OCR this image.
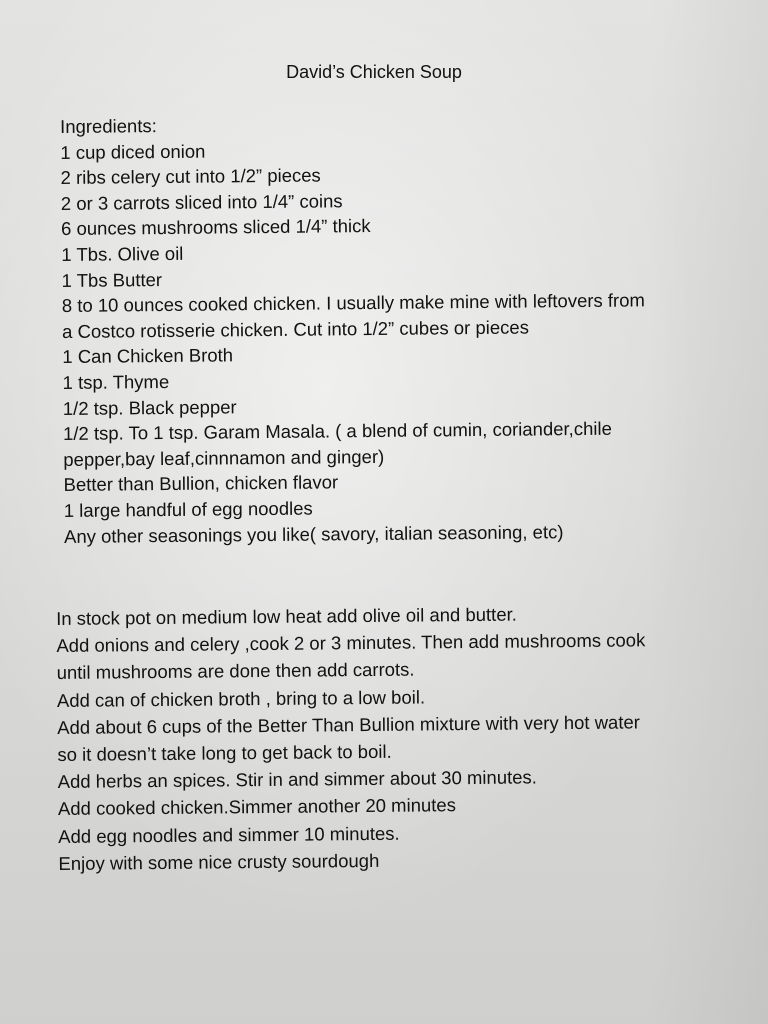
David’s Chicken Soup
Ingredients:
1 cup diced onion
2 ribs celery cut into 1/2” pieces
2 or 3 carrots sliced into 1/4” coins
6 ounces mushrooms sliced 1/4” thick
1 Tbs. Olive oil
1 Tbs Butter
8 to 10 ounces cooked chicken. I usually make mine with leftovers from
a Costco rotisserie chicken. Cut into 1/2” cubes or pieces
1 Can Chicken Broth
1 tsp. Thyme
1/2 tsp. Black pepper
1/2 tsp. To 1 tsp. Garam Masala. ( a blend of cumin, coriander,chile
pepper,bay leaf,cinnnamon and ginger)
Better than Bullion, chicken flavor
1 large handful of egg noodles
Any other seasonings you like( savory, italian seasoning, etc)
In stock pot on medium low heat add olive oil and butter.
Add onions and celery ,cook 2 or 3 minutes. Then add mushrooms cook
until mushrooms are done then add carrots.
Add can of chicken broth , bring to a low boil.
Add about 6 cups of the Better Than Bullion mixture with very hot water
so it doesn’t take long to get back to boil.
Add herbs an spices. Stir in and simmer about 30 minutes.
Add cooked chicken.Simmer another 20 minutes
Add egg noodles and simmer 10 minutes.
Enjoy with some nice crusty sourdough
